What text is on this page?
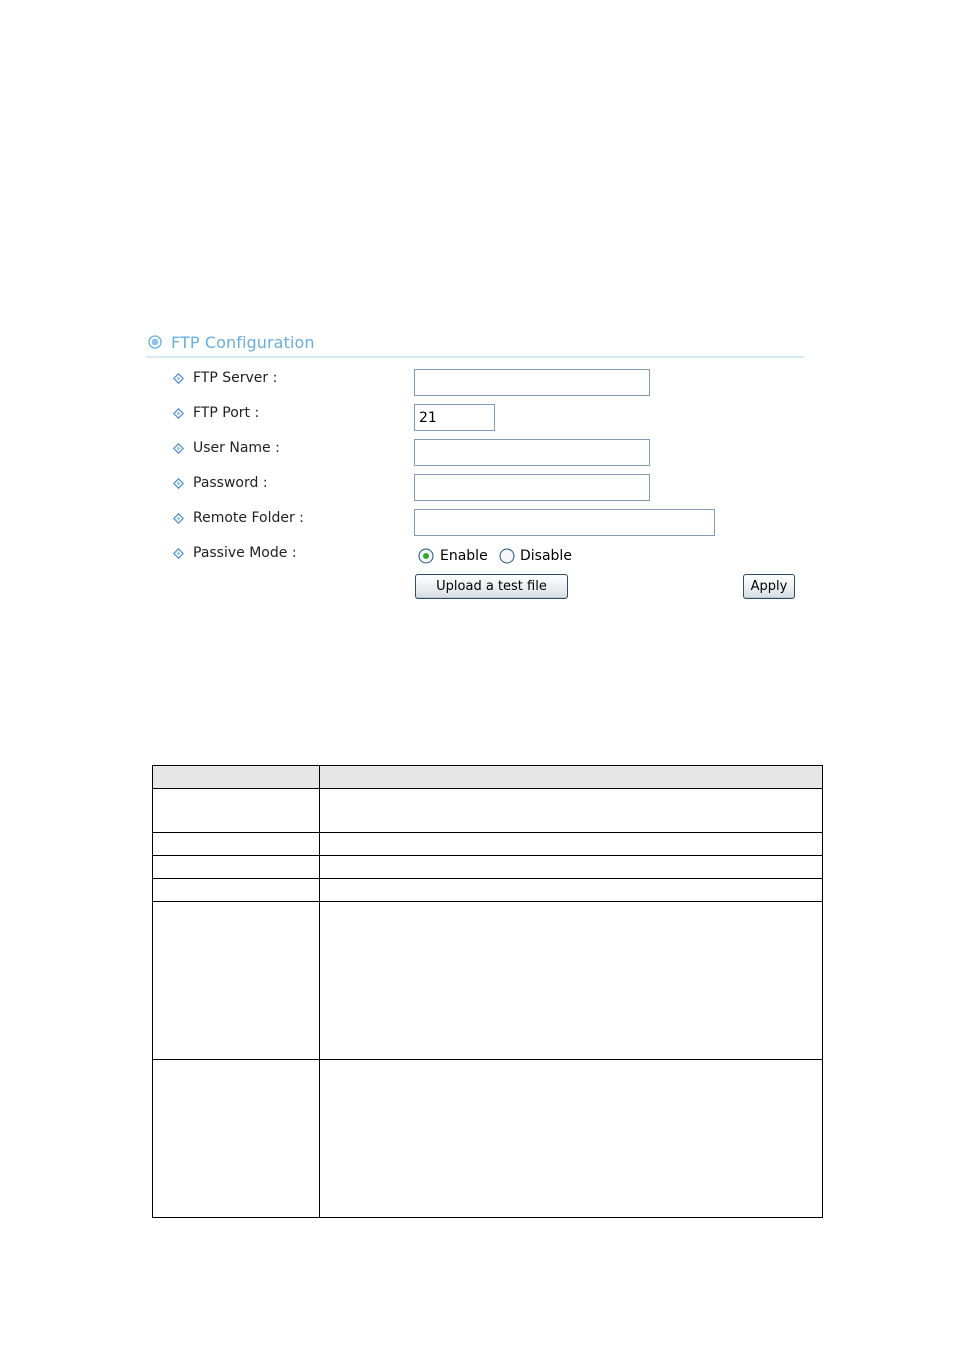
FTP Configuration
FTP Server :
FTP Port :
21
User Name :
Password :
Remote Folder :
Passive Mode :	Enable Disable
Upload a test file	Apply
